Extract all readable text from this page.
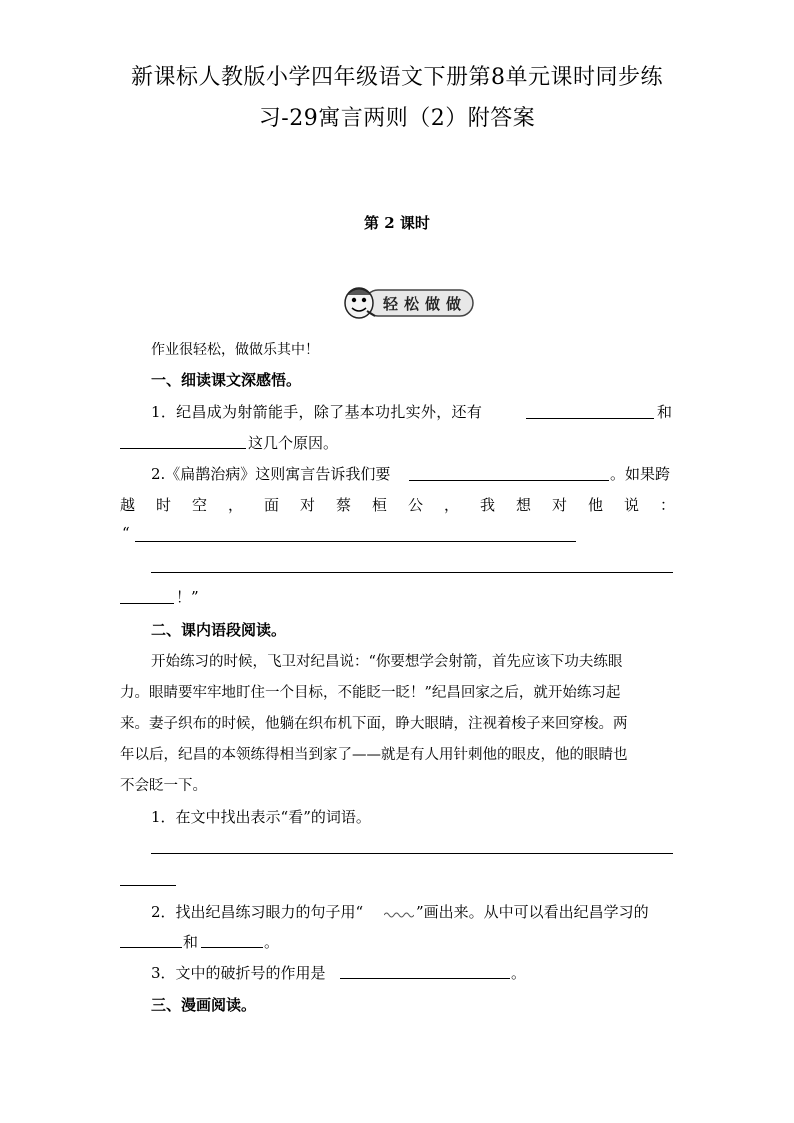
新课标人教版小学四年级语文下册第8单元课时同步练
习-29寓言两则（2）附答案
第 2 课时
轻松做做
作业很轻松，做做乐其中！
一、细读课文深感悟。
1．纪昌成为射箭能手，除了基本功扎实外，还有	和
这几个原因。
2.《扁鹊治病》这则寓言告诉我们要	。如果跨
越时空，面对蔡桓公，我想对他说：
“
！”
二、课内语段阅读。
开始练习的时候，飞卫对纪昌说：“你要想学会射箭，首先应该下功夫练眼
力。眼睛要牢牢地盯住一个目标，不能眨一眨！”纪昌回家之后，就开始练习起
来。妻子织布的时候，他躺在织布机下面，睁大眼睛，注视着梭子来回穿梭。两
年以后，纪昌的本领练得相当到家了——就是有人用针刺他的眼皮，他的眼睛也
不会眨一下。
1．在文中找出表示“看”的词语。
2．找出纪昌练习眼力的句子用“	”画出来。从中可以看出纪昌学习的
和	。
3．文中的破折号的作用是	。
三、漫画阅读。
